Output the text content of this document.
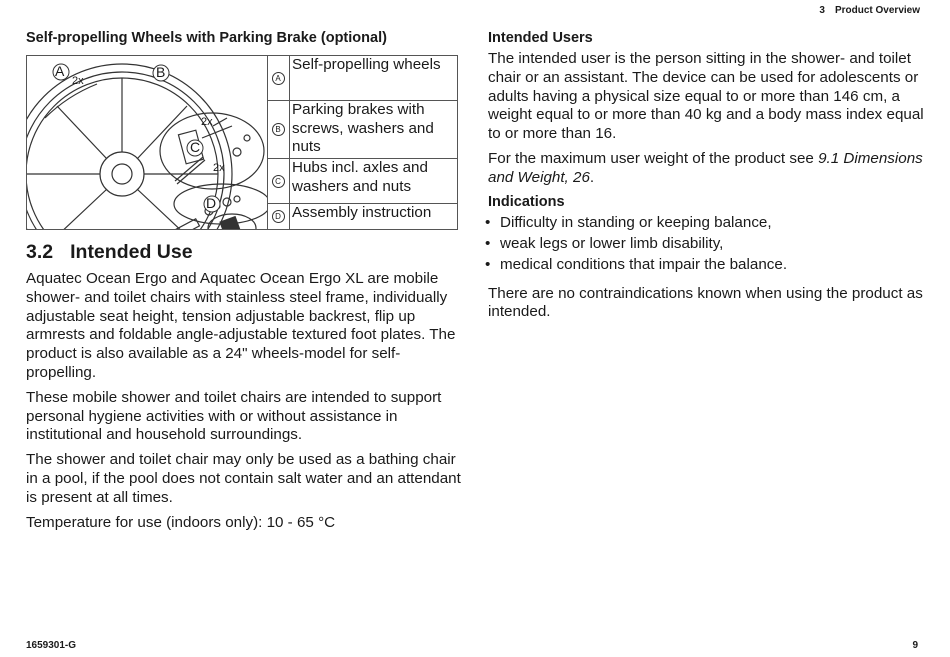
3 Product Overview
Self-propelling Wheels with Parking Brake (optional)
A
2x
B
2x
C
2x
D
A
Self-propelling wheels
B
Parking brakes with screws, washers and nuts
C
Hubs incl. axles and washers and nuts
D Assembly instruction
3.2 Intended Use

Aquatec Ocean Ergo and Aquatec Ocean Ergo XL are mobile shower- and toilet chairs with stainless steel frame, individually adjustable seat height, tension adjustable backrest, flip up armrests and foldable angle-adjustable textured foot plates. The product is also available as a 24" wheels-model for self-propelling.

These mobile shower and toilet chairs are intended to support personal hygiene activities with or without assistance in institutional and household surroundings.

The shower and toilet chair may only be used as a bathing chair in a pool, if the pool does not contain salt water and an attendant is present at all times.

Temperature for use (indoors only): 10 - 65 °C

Intended Users

The intended user is the person sitting in the shower- and toilet chair or an assistant. The device can be used for adolescents or adults having a physical size equal to or more than 146 cm, a weight equal to or more than 40 kg and a body mass index equal to or more than 16.

For the maximum user weight of the product see 9.1 Dimensions and Weight, 26.

Indications
• Difficulty in standing or keeping balance,
• weak legs or lower limb disability,
• medical conditions that impair the balance.

There are no contraindications known when using the product as intended.

1659301-G	9
